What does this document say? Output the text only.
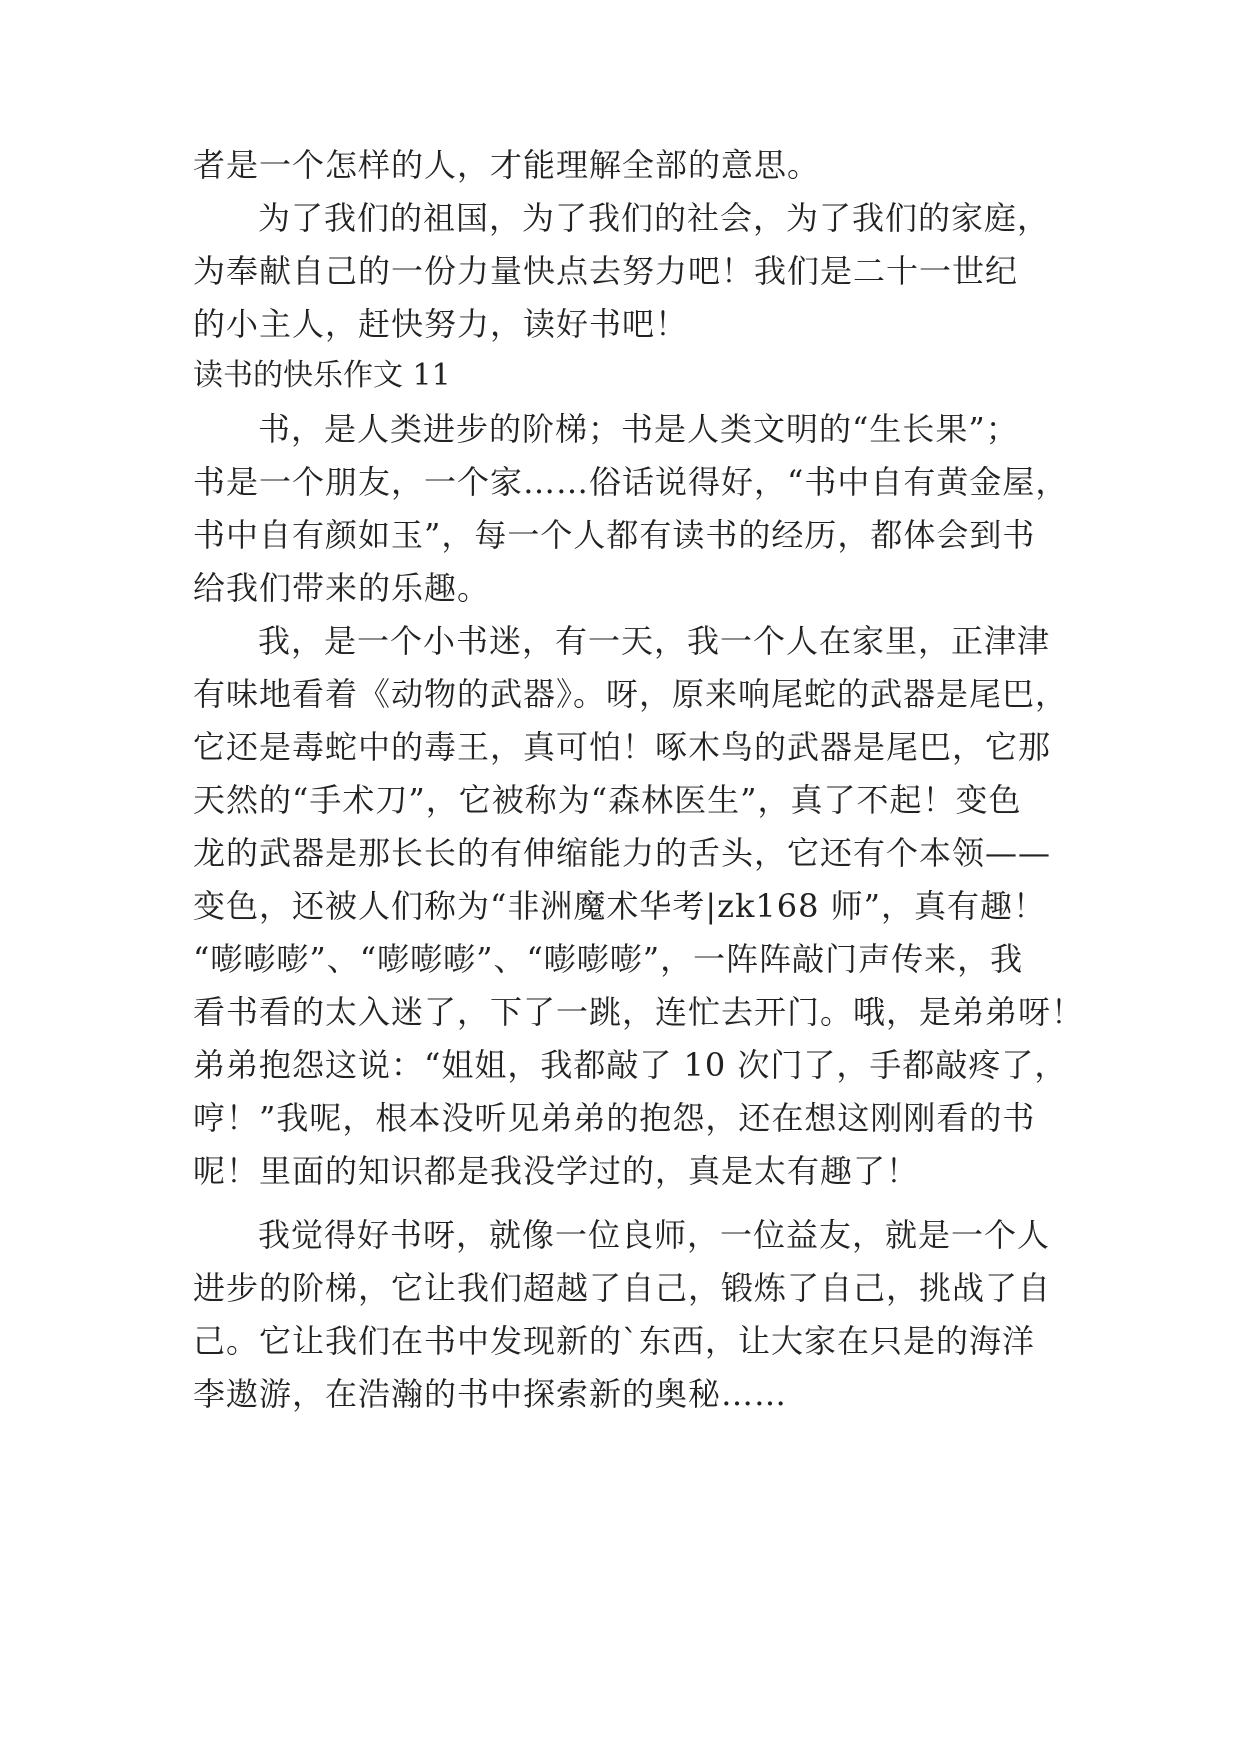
者是一个怎样的人，才能理解全部的意思。
为了我们的祖国，为了我们的社会，为了我们的家庭，
为奉献自己的一份力量快点去努力吧！我们是二十一世纪
的小主人，赶快努力，读好书吧！
读书的快乐作文 11
书，是人类进步的阶梯；书是人类文明的“生长果”；
书是一个朋友，一个家……俗话说得好，“书中自有黄金屋，
书中自有颜如玉”，每一个人都有读书的经历，都体会到书
给我们带来的乐趣。
我，是一个小书迷，有一天，我一个人在家里，正津津
有味地看着《动物的武器》。呀，原来响尾蛇的武器是尾巴，
它还是毒蛇中的毒王，真可怕！啄木鸟的武器是尾巴，它那
天然的“手术刀”，它被称为“森林医生”，真了不起！变色
龙的武器是那长长的有伸缩能力的舌头，它还有个本领——
变色，还被人们称为“非洲魔术华考|zk168 师”，真有趣！
“嘭嘭嘭”、“嘭嘭嘭”、“嘭嘭嘭”，一阵阵敲门声传来，我
看书看的太入迷了，下了一跳，连忙去开门。哦，是弟弟呀！
弟弟抱怨这说：“姐姐，我都敲了 10 次门了，手都敲疼了，
哼！”我呢，根本没听见弟弟的抱怨，还在想这刚刚看的书
呢！里面的知识都是我没学过的，真是太有趣了！
我觉得好书呀，就像一位良师，一位益友，就是一个人
进步的阶梯，它让我们超越了自己，锻炼了自己，挑战了自
己。它让我们在书中发现新的`东西，让大家在只是的海洋
李遨游，在浩瀚的书中探索新的奥秘……
